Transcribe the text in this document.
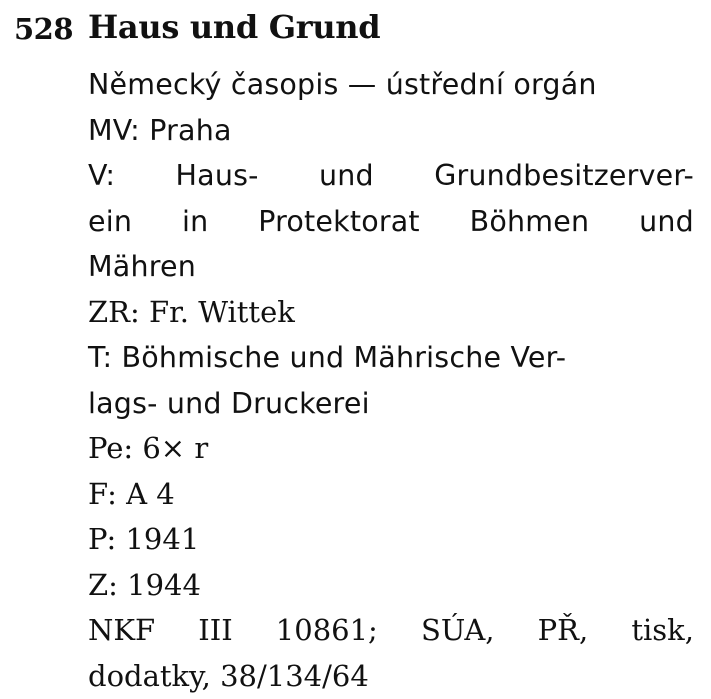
528 Haus und Grund
Německý časopis — ústřední orgán
MV: Praha
V: Haus- und Grundbesitzerver-
ein in Protektorat Böhmen und
Mähren
ZR: Fr. Wittek
T: Böhmische und Mährische Ver-
lags- und Druckerei
Pe: 6× r
F: A 4
P: 1941
Z: 1944
NKF III 10861; SÚA, PŘ, tisk,
dodatky, 38/134/64
